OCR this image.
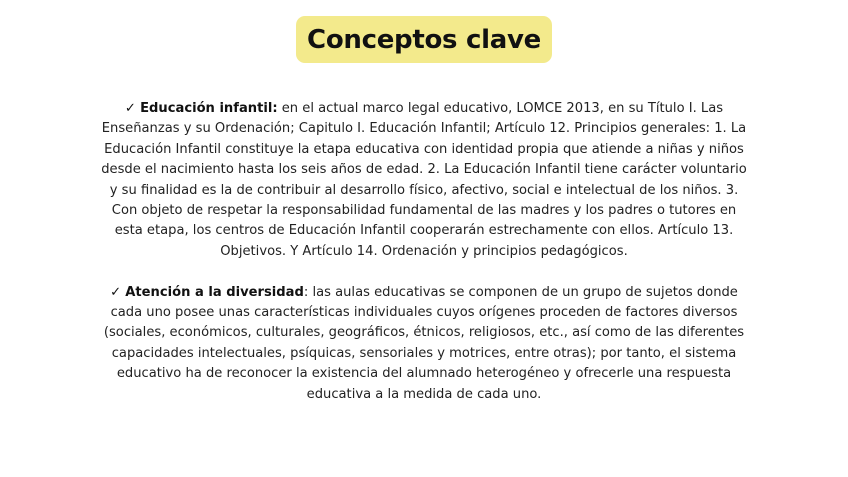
Conceptos clave

✓ Educación infantil: en el actual marco legal educativo, LOMCE 2013, en su Título I. Las Enseñanzas y su Ordenación; Capitulo I. Educación Infantil; Artículo 12. Principios generales: 1. La Educación Infantil constituye la etapa educativa con identidad propia que atiende a niñas y niños desde el nacimiento hasta los seis años de edad. 2. La Educación Infantil tiene carácter voluntario y su finalidad es la de contribuir al desarrollo físico, afectivo, social e intelectual de los niños. 3. Con objeto de respetar la responsabilidad fundamental de las madres y los padres o tutores en esta etapa, los centros de Educación Infantil cooperarán estrechamente con ellos. Artículo 13. Objetivos. Y Artículo 14. Ordenación y principios pedagógicos.

✓ Atención a la diversidad: las aulas educativas se componen de un grupo de sujetos donde cada uno posee unas características individuales cuyos orígenes proceden de factores diversos (sociales, económicos, culturales, geográficos, étnicos, religiosos, etc., así como de las diferentes capacidades intelectuales, psíquicas, sensoriales y motrices, entre otras); por tanto, el sistema educativo ha de reconocer la existencia del alumnado heterogéneo y ofrecerle una respuesta educativa a la medida de cada uno.
